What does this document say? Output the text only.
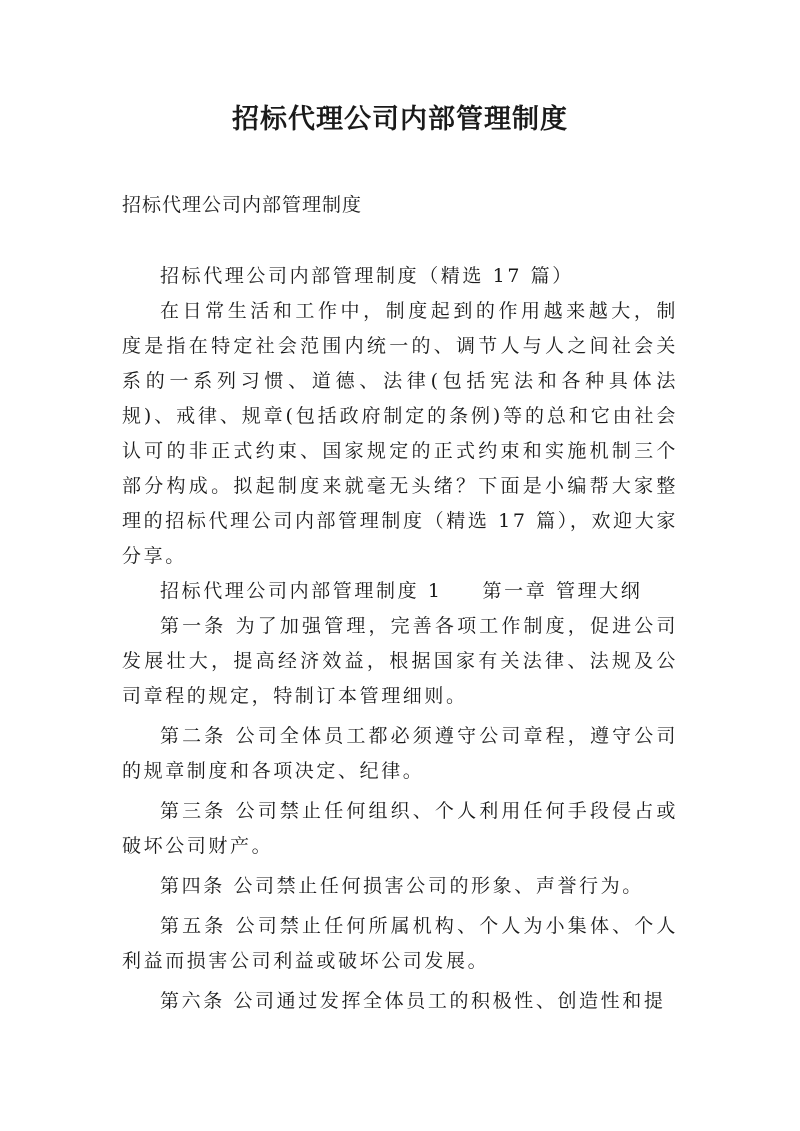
招标代理公司内部管理制度
招标代理公司内部管理制度

招标代理公司内部管理制度（精选 17 篇）

在日常生活和工作中，制度起到的作用越来越大，制度是指在特定社会范围内统一的、调节人与人之间社会关系的一系列习惯、道德、法律(包括宪法和各种具体法规)、戒律、规章(包括政府制定的条例)等的总和它由社会认可的非正式约束、国家规定的正式约束和实施机制三个部分构成。拟起制度来就毫无头绪？下面是小编帮大家整理的招标代理公司内部管理制度（精选 17 篇），欢迎大家分享。

招标代理公司内部管理制度 1 第一章 管理大纲

第一条 为了加强管理，完善各项工作制度，促进公司发展壮大，提高经济效益，根据国家有关法律、法规及公司章程的规定，特制订本管理细则。

第二条 公司全体员工都必须遵守公司章程，遵守公司的规章制度和各项决定、纪律。

第三条 公司禁止任何组织、个人利用任何手段侵占或破坏公司财产。

第四条 公司禁止任何损害公司的形象、声誉行为。

第五条 公司禁止任何所属机构、个人为小集体、个人利益而损害公司利益或破坏公司发展。

第六条 公司通过发挥全体员工的积极性、创造性和提
